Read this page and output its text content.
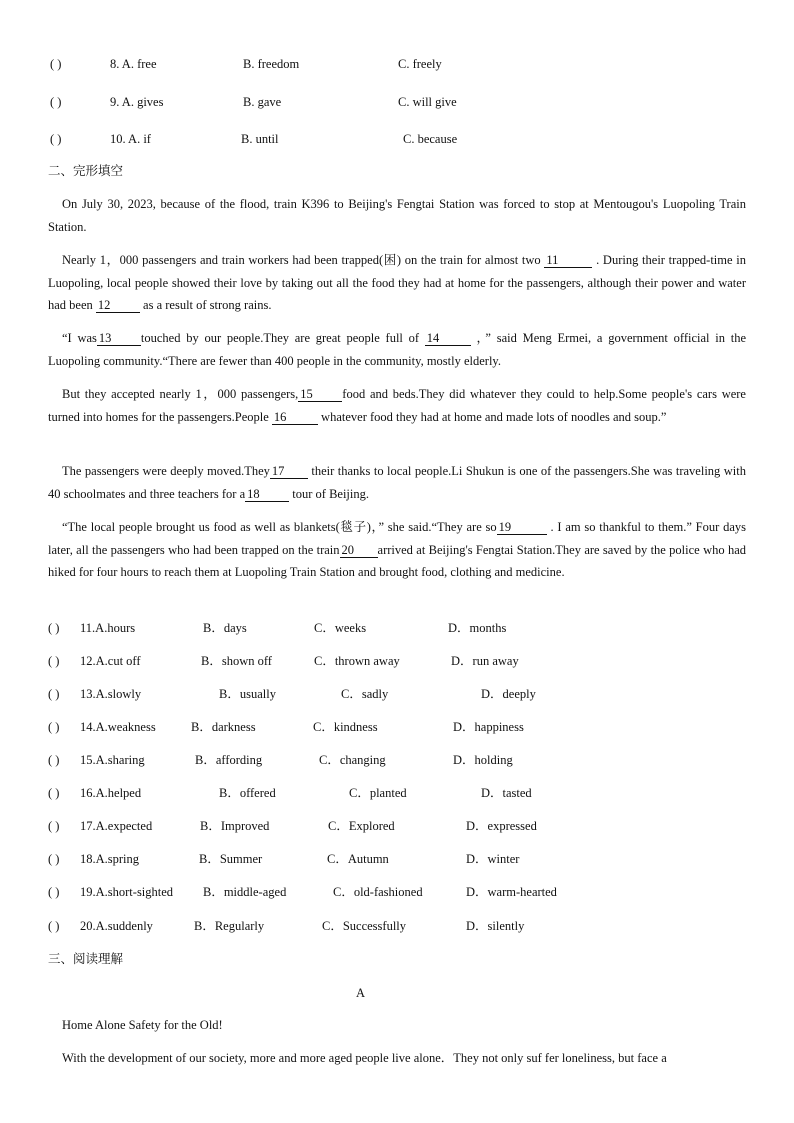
( )	8. A. free	B. freedom	C. freely
( )	9. A. gives	B. gave	C. will give
( )	10. A. if	B. until	C. because
二、完形填空
On July 30, 2023, because of the flood, train K396 to Beijing's Fengtai Station was forced to stop at Mentougou's Luopoling Train Station.
Nearly 1，000 passengers and train workers had been trapped(困) on the train for almost two 11	. During their trapped-time in Luopoling, local people showed their love by taking out all the food they had at home for the passengers, although their power and water had been 12 as a result of strong rains.
“I was 13 touched by our people.They are great people full of 14	，” said Meng Ermei, a government official in the Luopoling community.“There are fewer than 400 people in the community, mostly elderly.
But they accepted nearly 1，000 passengers, 15 food and beds.They did whatever they could to help.Some people's cars were turned into homes for the passengers.People 16	whatever food they had at home and made lots of noodles and soup.”
The passengers were deeply moved.They 17 their thanks to local people.Li Shukun is one of the passengers.She was traveling with 40 schoolmates and three teachers for a 18 tour of Beijing.
“The local people brought us food as well as blankets(毯子)，” she said.“They are so 19	. I am so thankful to them.” Four days later, all the passengers who had been trapped on the train 20 arrived at Beijing's Fengtai Station.They are saved by the police who had hiked for four hours to reach them at Luopoling Train Station and brought food, clothing and medicine.
( ) 11.A.hours	B．days	C．weeks	D．months
( ) 12.A.cut off	B．shown off	C．thrown away	D．run away
( ) 13.A.slowly	B．usually	C．sadly	D．deeply
( ) 14.A.weakness	B．darkness	C．kindness	D．happiness
( ) 15.A.sharing	B．affording	C．changing	D．holding
( ) 16.A.helped	B．offered	C．planted	D．tasted
( ) 17.A.expected	B．Improved	C．Explored	D．expressed
( ) 18.A.spring	B．Summer	C．Autumn	D．winter
( ) 19.A.short-sighted B．middle-aged	C．old-fashioned	D．warm-hearted
( ) 20.A.suddenly	B．Regularly	C．Successfully	D．silently
三、阅读理解
A
Home Alone Safety for the Old!
With the development of our society, more and more aged people live alone．They not only suf fer loneliness, but face a
